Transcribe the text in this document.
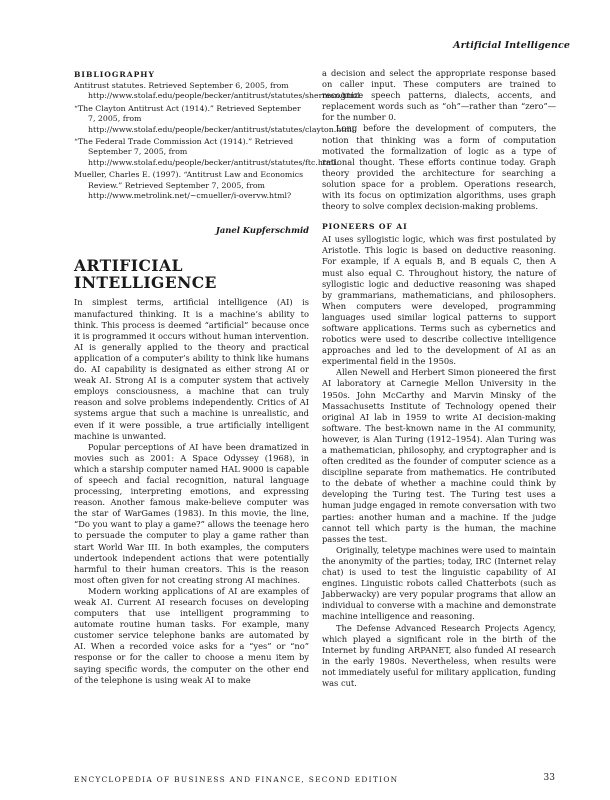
Artificial Intelligence
BIBLIOGRAPHY

Antitrust statutes. Retrieved September 6, 2005, from http://www.stolaf.edu/people/becker/antitrust/statutes/sherman.html.

“The Clayton Antitrust Act (1914).” Retrieved September 7, 2005, from http://www.stolaf.edu/people/becker/antitrust/statutes/clayton.html.

“The Federal Trade Commission Act (1914).” Retrieved September 7, 2005, from http://www.stolaf.edu/people/becker/antitrust/statutes/ftc.html.

Mueller, Charles E. (1997). “Antitrust Law and Economics Review.” Retrieved September 7, 2005, from http://www.metrolink.net/~cmueller/i-overvw.html?

Janel Kupferschmid
ARTIFICIAL INTELLIGENCE

In simplest terms, artificial intelligence (AI) is manufactured thinking. It is a machine’s ability to think. This process is deemed “artificial” because once it is programmed it occurs without human intervention. AI is generally applied to the theory and practical application of a computer’s ability to think like humans do. AI capability is designated as either strong AI or weak AI. Strong AI is a computer system that actively employs consciousness, a machine that can truly reason and solve problems independently. Critics of AI systems argue that such a machine is unrealistic, and even if it were possible, a true artificially intelligent machine is unwanted.

Popular perceptions of AI have been dramatized in movies such as 2001: A Space Odyssey (1968), in which a starship computer named HAL 9000 is capable of speech and facial recognition, natural language processing, interpreting emotions, and expressing reason. Another famous make-believe computer was the star of WarGames (1983). In this movie, the line, “Do you want to play a game?” allows the teenage hero to persuade the computer to play a game rather than start World War III. In both examples, the computers undertook independent actions that were potentially harmful to their human creators. This is the reason most often given for not creating strong AI machines.

Modern working applications of AI are examples of weak AI. Current AI research focuses on developing computers that use intelligent programming to automate routine human tasks. For example, many customer service telephone banks are automated by AI. When a recorded voice asks for a “yes” or “no” response or for the caller to choose a menu item by saying specific words, the computer on the other end of the telephone is using weak AI to make

a decision and select the appropriate response based on caller input. These computers are trained to recognize speech patterns, dialects, accents, and replacement words such as “oh”—rather than “zero”—for the number 0.

Long before the development of computers, the notion that thinking was a form of computation motivated the formalization of logic as a type of rational thought. These efforts continue today. Graph theory provided the architecture for searching a solution space for a problem. Operations research, with its focus on optimization algorithms, uses graph theory to solve complex decision-making problems.

PIONEERS OF AI

AI uses syllogistic logic, which was first postulated by Aristotle. This logic is based on deductive reasoning. For example, if A equals B, and B equals C, then A must also equal C. Throughout history, the nature of syllogistic logic and deductive reasoning was shaped by grammarians, mathematicians, and philosophers. When computers were developed, programming languages used similar logical patterns to support software applications. Terms such as cybernetics and robotics were used to describe collective intelligence approaches and led to the development of AI as an experimental field in the 1950s.

Allen Newell and Herbert Simon pioneered the first AI laboratory at Carnegie Mellon University in the 1950s. John McCarthy and Marvin Minsky of the Massachusetts Institute of Technology opened their original AI lab in 1959 to write AI decision-making software. The best-known name in the AI community, however, is Alan Turing (1912–1954). Alan Turing was a mathematician, philosophy, and cryptographer and is often credited as the founder of computer science as a discipline separate from mathematics. He contributed to the debate of whether a machine could think by developing the Turing test. The Turing test uses a human judge engaged in remote conversation with two parties: another human and a machine. If the judge cannot tell which party is the human, the machine passes the test.

Originally, teletype machines were used to maintain the anonymity of the parties; today, IRC (Internet relay chat) is used to test the linguistic capability of AI engines. Linguistic robots called Chatterbots (such as Jabberwacky) are very popular programs that allow an individual to converse with a machine and demonstrate machine intelligence and reasoning.

The Defense Advanced Research Projects Agency, which played a significant role in the birth of the Internet by funding ARPANET, also funded AI research in the early 1980s. Nevertheless, when results were not immediately useful for military application, funding was cut.

ENCYCLOPEDIA OF BUSINESS AND FINANCE, SECOND EDITION	33
